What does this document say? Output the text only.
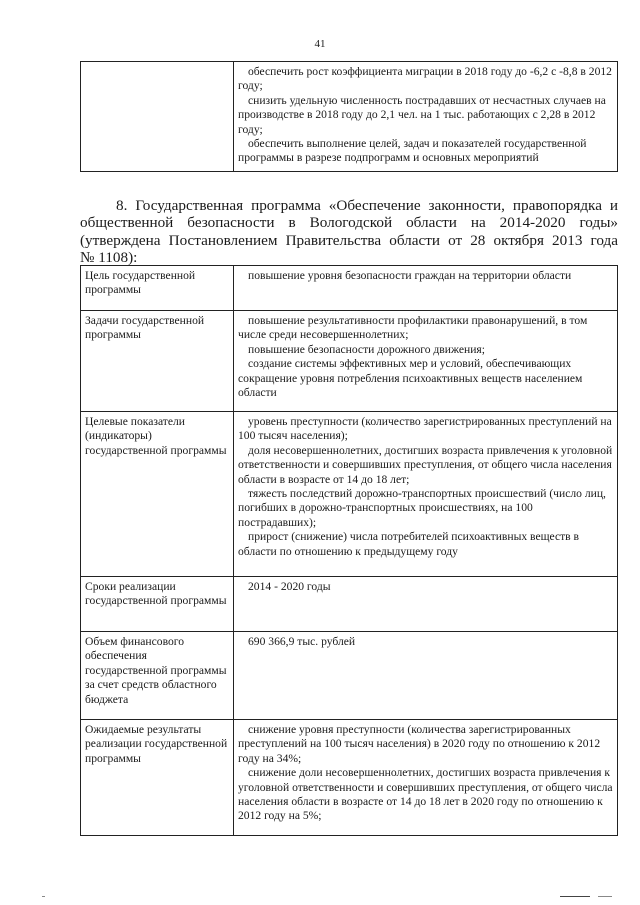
41

обеспечить рост коэффициента миграции в 2018 году до -6,2 с -8,8 в 2012 году;
снизить удельную численность пострадавших от несчастных случаев на производстве в 2018 году до 2,1 чел. на 1 тыс. работающих с 2,28 в 2012 году;
обеспечить выполнение целей, задач и показателей государственной программы в разрезе подпрограмм и основных мероприятий
8. Государственная программа «Обеспечение законности, правопорядка и
общественной безопасности в Вологодской области на 2014-2020 годы»
(утверждена Постановлением Правительства области от 28 октября 2013 года
№ 1108):
Цель государственной программы	повышение уровня безопасности граждан на территории области

Задачи государственной программы	повышение результативности профилактики правонарушений, в том числе среди несовершеннолетних;
повышение безопасности дорожного движения;
создание системы эффективных мер и условий, обеспечивающих сокращение уровня потребления психоактивных веществ населением области

Целевые показатели (индикаторы) государственной программы	уровень преступности (количество зарегистрированных преступлений на 100 тысяч населения);
доля несовершеннолетних, достигших возраста привлечения к уголовной ответственности и совершивших преступления, от общего числа населения области в возрасте от 14 до 18 лет;
тяжесть последствий дорожно-транспортных происшествий (число лиц, погибших в дорожно-транспортных происшествиях, на 100 пострадавших);
прирост (снижение) числа потребителей психоактивных веществ в области по отношению к предыдущему году

Сроки реализации государственной программы	2014 - 2020 годы

Объем финансового обеспечения государственной программы за счет средств областного бюджета	690 366,9 тыс. рублей

Ожидаемые результаты реализации государственной программы	снижение уровня преступности (количества зарегистрированных преступлений на 100 тысяч населения) в 2020 году по отношению к 2012 году на 34%;
снижение доли несовершеннолетних, достигших возраста привлечения к уголовной ответственности и совершивших преступления, от общего числа населения области в возрасте от 14 до 18 лет в 2020 году по отношению к 2012 году на 5%;
